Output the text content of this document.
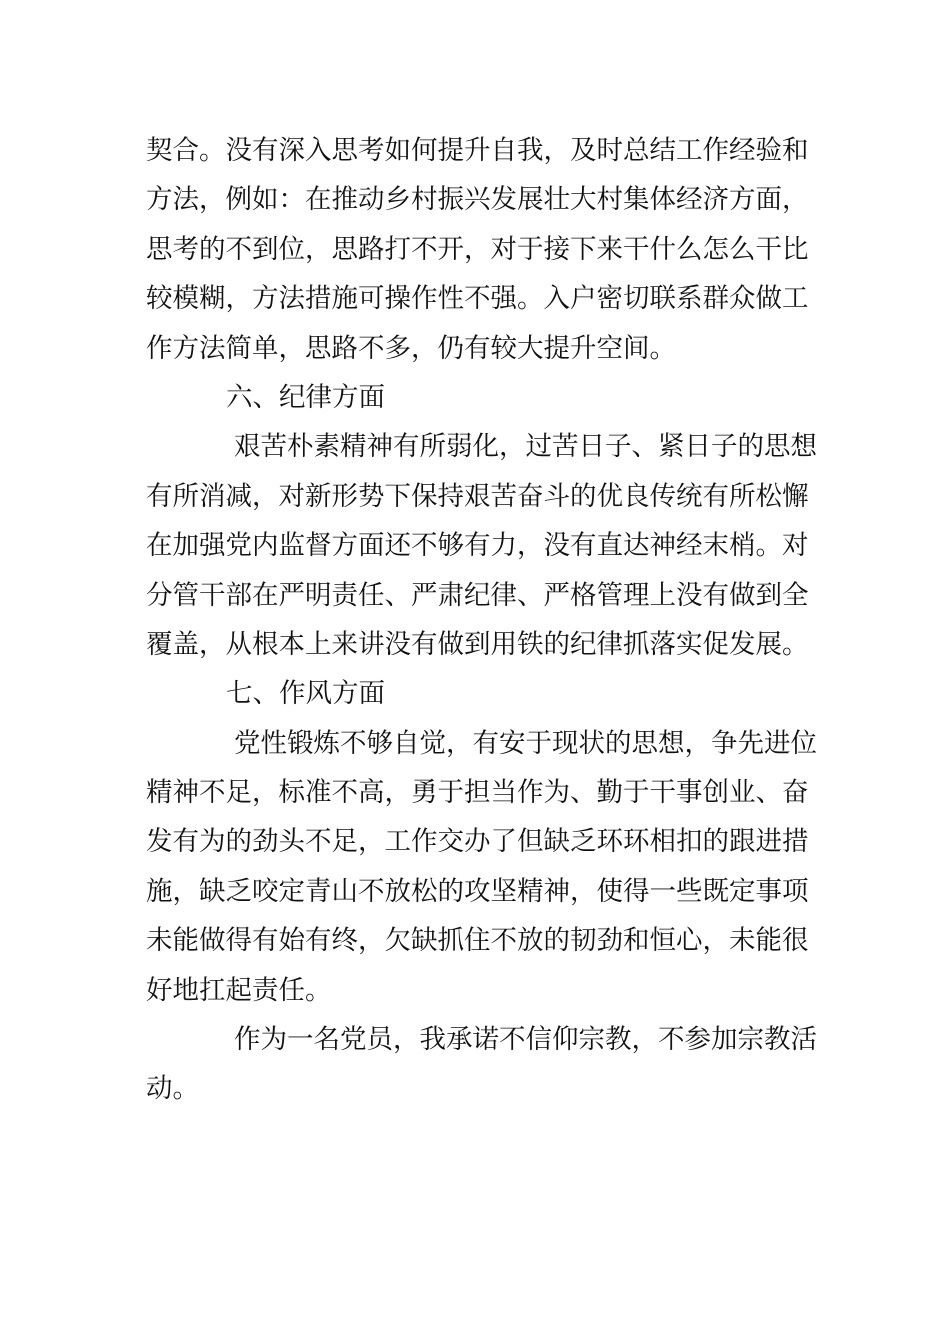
契合。没有深入思考如何提升自我，及时总结工作经验和
方法，例如：在推动乡村振兴发展壮大村集体经济方面，
思考的不到位，思路打不开，对于接下来干什么怎么干比
较模糊，方法措施可操作性不强。入户密切联系群众做工
作方法简单，思路不多，仍有较大提升空间。
六、纪律方面
艰苦朴素精神有所弱化，过苦日子、紧日子的思想
有所消减，对新形势下保持艰苦奋斗的优良传统有所松懈
在加强党内监督方面还不够有力，没有直达神经末梢。对
分管干部在严明责任、严肃纪律、严格管理上没有做到全
覆盖，从根本上来讲没有做到用铁的纪律抓落实促发展。
七、作风方面
党性锻炼不够自觉，有安于现状的思想，争先进位
精神不足，标准不高，勇于担当作为、勤于干事创业、奋
发有为的劲头不足，工作交办了但缺乏环环相扣的跟进措
施，缺乏咬定青山不放松的攻坚精神，使得一些既定事项
未能做得有始有终，欠缺抓住不放的韧劲和恒心，未能很
好地扛起责任。
作为一名党员，我承诺不信仰宗教，不参加宗教活
动。
